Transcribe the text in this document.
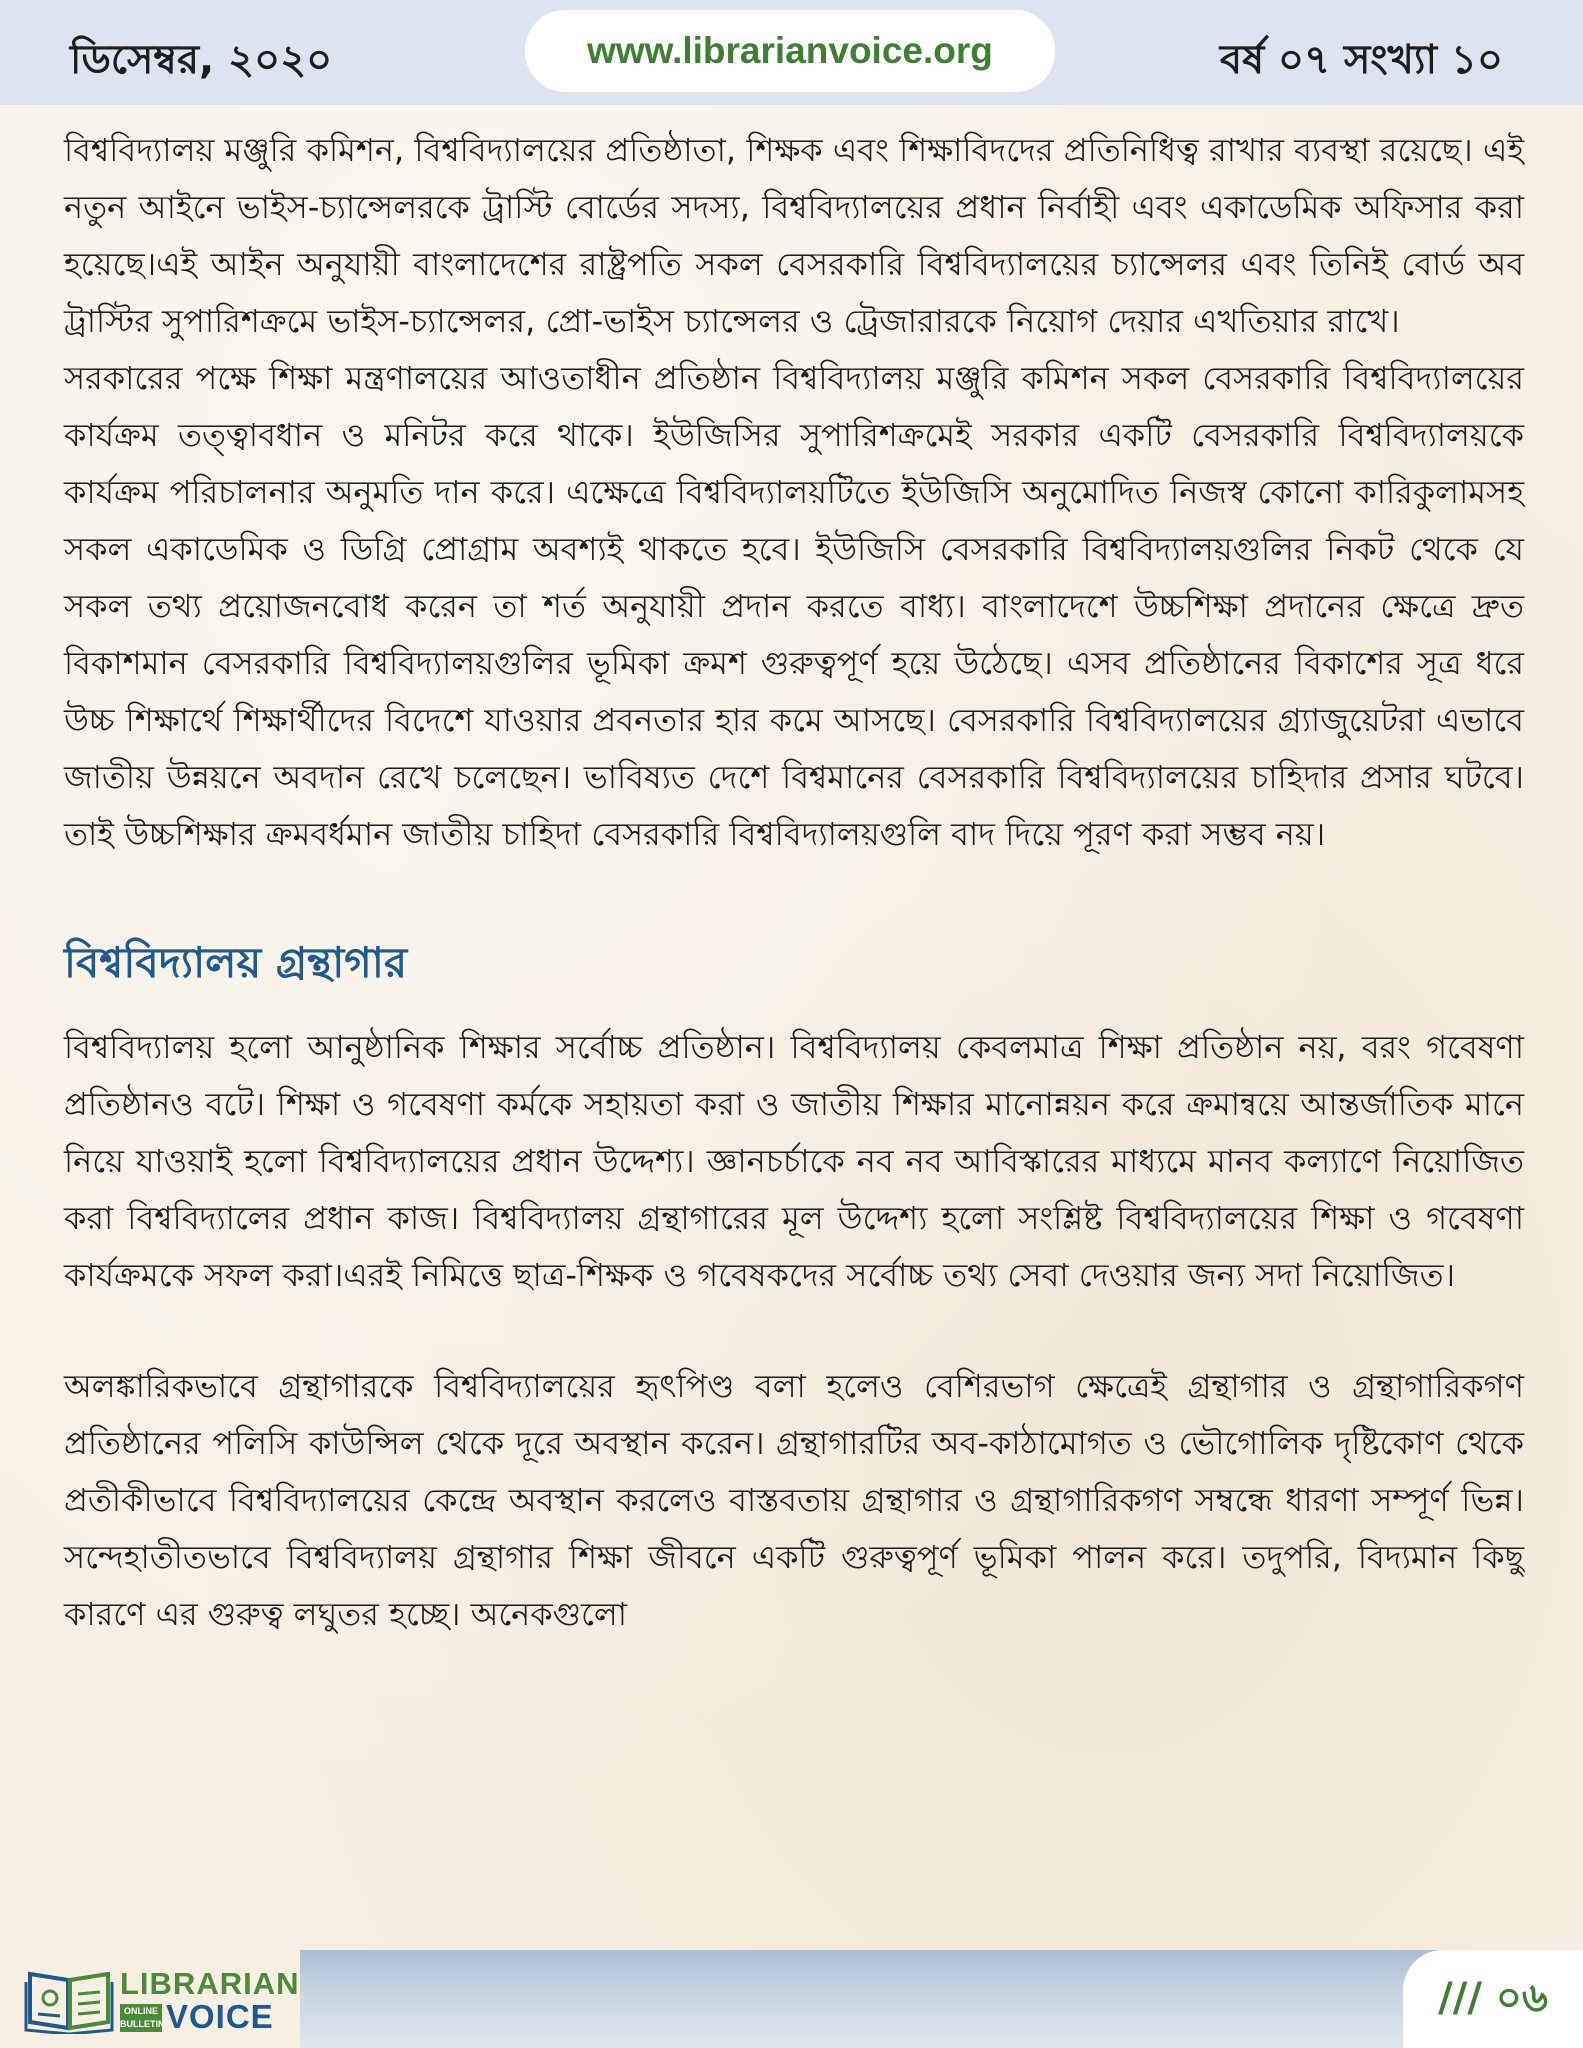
ডিসেম্বর, ২০২০	www.librarianvoice.org	বর্ষ ০৭ সংখ্যা ১০

বিশ্ববিদ্যালয় মঞ্জুরি কমিশন, বিশ্ববিদ্যালয়ের প্রতিষ্ঠাতা, শিক্ষক এবং শিক্ষাবিদদের প্রতিনিধিত্ব রাখার ব্যবস্থা রয়েছে। এই নতুন আইনে ভাইস-চ্যান্সেলরকে ট্রাস্টি বোর্ডের সদস্য, বিশ্ববিদ্যালয়ের প্রধান নির্বাহী এবং একাডেমিক অফিসার করা হয়েছে।এই আইন অনুযায়ী বাংলাদেশের রাষ্ট্রপতি সকল বেসরকারি বিশ্ববিদ্যালয়ের চ্যান্সেলর এবং তিনিই বোর্ড অব ট্রাস্টির সুপারিশক্রমে ভাইস-চ্যান্সেলর, প্রো-ভাইস চ্যান্সেলর ও ট্রেজারারকে নিয়োগ দেয়ার এখতিয়ার রাখে।

সরকারের পক্ষে শিক্ষা মন্ত্রণালয়ের আওতাধীন প্রতিষ্ঠান বিশ্ববিদ্যালয় মঞ্জুরি কমিশন সকল বেসরকারি বিশ্ববিদ্যালয়ের কার্যক্রম তত্ত্বাবধান ও মনিটর করে থাকে। ইউজিসির সুপারিশক্রমেই সরকার একটি বেসরকারি বিশ্ববিদ্যালয়কে কার্যক্রম পরিচালনার অনুমতি দান করে। এক্ষেত্রে বিশ্ববিদ্যালয়টিতে ইউজিসি অনুমোদিত নিজস্ব কোনো কারিকুলামসহ সকল একাডেমিক ও ডিগ্রি প্রোগ্রাম অবশ্যই থাকতে হবে। ইউজিসি বেসরকারি বিশ্ববিদ্যালয়গুলির নিকট থেকে যে সকল তথ্য প্রয়োজনবোধ করেন তা শর্ত অনুযায়ী প্রদান করতে বাধ্য। বাংলাদেশে উচ্চশিক্ষা প্রদানের ক্ষেত্রে দ্রুত বিকাশমান বেসরকারি বিশ্ববিদ্যালয়গুলির ভূমিকা ক্রমশ গুরুত্বপূর্ণ হয়ে উঠেছে। এসব প্রতিষ্ঠানের বিকাশের সূত্র ধরে উচ্চ শিক্ষার্থে শিক্ষার্থীদের বিদেশে যাওয়ার প্রবনতার হার কমে আসছে। বেসরকারি বিশ্ববিদ্যালয়ের গ্র্যাজুয়েটরা এভাবে জাতীয় উন্নয়নে অবদান রেখে চলেছেন। ভাবিষ্যত দেশে বিশ্বমানের বেসরকারি বিশ্ববিদ্যালয়ের চাহিদার প্রসার ঘটবে। তাই উচ্চশিক্ষার ক্রমবর্ধমান জাতীয় চাহিদা বেসরকারি বিশ্ববিদ্যালয়গুলি বাদ দিয়ে পূরণ করা সম্ভব নয়।

বিশ্ববিদ্যালয় গ্রন্থাগার

বিশ্ববিদ্যালয় হলো আনুষ্ঠানিক শিক্ষার সর্বোচ্চ প্রতিষ্ঠান। বিশ্ববিদ্যালয় কেবলমাত্র শিক্ষা প্রতিষ্ঠান নয়, বরং গবেষণা প্রতিষ্ঠানও বটে। শিক্ষা ও গবেষণা কর্মকে সহায়তা করা ও জাতীয় শিক্ষার মানোন্নয়ন করে ক্রমান্বয়ে আন্তর্জাতিক মানে নিয়ে যাওয়াই হলো বিশ্ববিদ্যালয়ের প্রধান উদ্দেশ্য। জ্ঞানচর্চাকে নব নব আবিস্কারের মাধ্যমে মানব কল্যাণে নিয়োজিত করা বিশ্ববিদ্যালের প্রধান কাজ। বিশ্ববিদ্যালয় গ্রন্থাগারের মূল উদ্দেশ্য হলো সংশ্লিষ্ট বিশ্ববিদ্যালয়ের শিক্ষা ও গবেষণা কার্যক্রমকে সফল করা।এরই নিমিত্তে ছাত্র-শিক্ষক ও গবেষকদের সর্বোচ্চ তথ্য সেবা দেওয়ার জন্য সদা নিয়োজিত।

অলঙ্কারিকভাবে গ্রন্থাগারকে বিশ্ববিদ্যালয়ের হৃৎপিণ্ড বলা হলেও বেশিরভাগ ক্ষেত্রেই গ্রন্থাগার ও গ্রন্থাগারিকগণ প্রতিষ্ঠানের পলিসি কাউন্সিল থেকে দূরে অবস্থান করেন। গ্রন্থাগারটির অব-কাঠামোগত ও ভৌগোলিক দৃষ্টিকোণ থেকে প্রতীকীভাবে বিশ্ববিদ্যালয়ের কেন্দ্রে অবস্থান করলেও বাস্তবতায় গ্রন্থাগার ও গ্রন্থাগারিকগণ সম্বন্ধে ধারণা সম্পূর্ণ ভিন্ন।সন্দেহাতীতভাবে বিশ্ববিদ্যালয় গ্রন্থাগার শিক্ষা জীবনে একটি গুরুত্বপূর্ণ ভূমিকা পালন করে। তদুপরি, বিদ্যমান কিছু কারণে এর গুরুত্ব লঘুতর হচ্ছে। অনেকগুলো

LIBRARIAN
ONLINE
BULLETIN VOICE	/// ০৬
